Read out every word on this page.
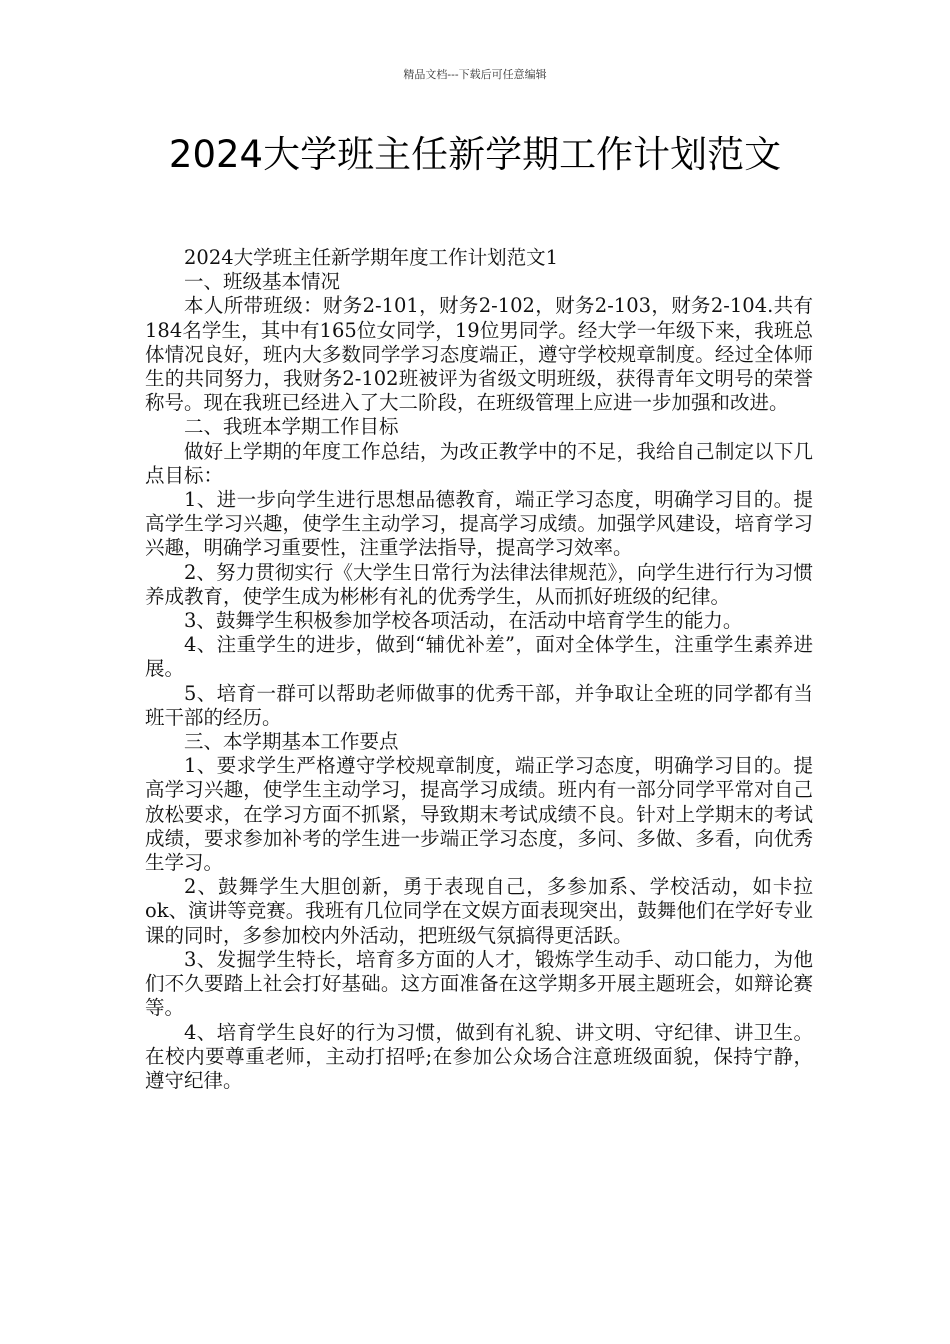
精品文档---下载后可任意编辑
2024大学班主任新学期工作计划范文

2024大学班主任新学期年度工作计划范文1

一、班级基本情况

本人所带班级：财务2-101，财务2-102，财务2-103，财务2-104.共有184名学生，其中有165位女同学，19位男同学。经大学一年级下来，我班总体情况良好，班内大多数同学学习态度端正，遵守学校规章制度。经过全体师生的共同努力，我财务2-102班被评为省级文明班级，获得青年文明号的荣誉称号。现在我班已经进入了大二阶段，在班级管理上应进一步加强和改进。

二、我班本学期工作目标

做好上学期的年度工作总结，为改正教学中的不足，我给自己制定以下几点目标：

1、进一步向学生进行思想品德教育，端正学习态度，明确学习目的。提高学生学习兴趣，使学生主动学习，提高学习成绩。加强学风建设，培育学习兴趣，明确学习重要性，注重学法指导，提高学习效率。

2、努力贯彻实行《大学生日常行为法律法律规范》，向学生进行行为习惯养成教育，使学生成为彬彬有礼的优秀学生，从而抓好班级的纪律。

3、鼓舞学生积极参加学校各项活动，在活动中培育学生的能力。

4、注重学生的进步，做到“辅优补差”，面对全体学生，注重学生素养进展。

5、培育一群可以帮助老师做事的优秀干部，并争取让全班的同学都有当班干部的经历。

三、本学期基本工作要点

1、要求学生严格遵守学校规章制度，端正学习态度，明确学习目的。提高学习兴趣，使学生主动学习，提高学习成绩。班内有一部分同学平常对自己放松要求，在学习方面不抓紧，导致期末考试成绩不良。针对上学期末的考试成绩，要求参加补考的学生进一步端正学习态度，多问、多做、多看，向优秀生学习。

2、鼓舞学生大胆创新，勇于表现自己，多参加系、学校活动，如卡拉ok、演讲等竞赛。我班有几位同学在文娱方面表现突出，鼓舞他们在学好专业课的同时，多参加校内外活动，把班级气氛搞得更活跃。

3、发掘学生特长，培育多方面的人才，锻炼学生动手、动口能力，为他们不久要踏上社会打好基础。这方面准备在这学期多开展主题班会，如辩论赛等。

4、培育学生良好的行为习惯，做到有礼貌、讲文明、守纪律、讲卫生。在校内要尊重老师，主动打招呼;在参加公众场合注意班级面貌，保持宁静，遵守纪律。
